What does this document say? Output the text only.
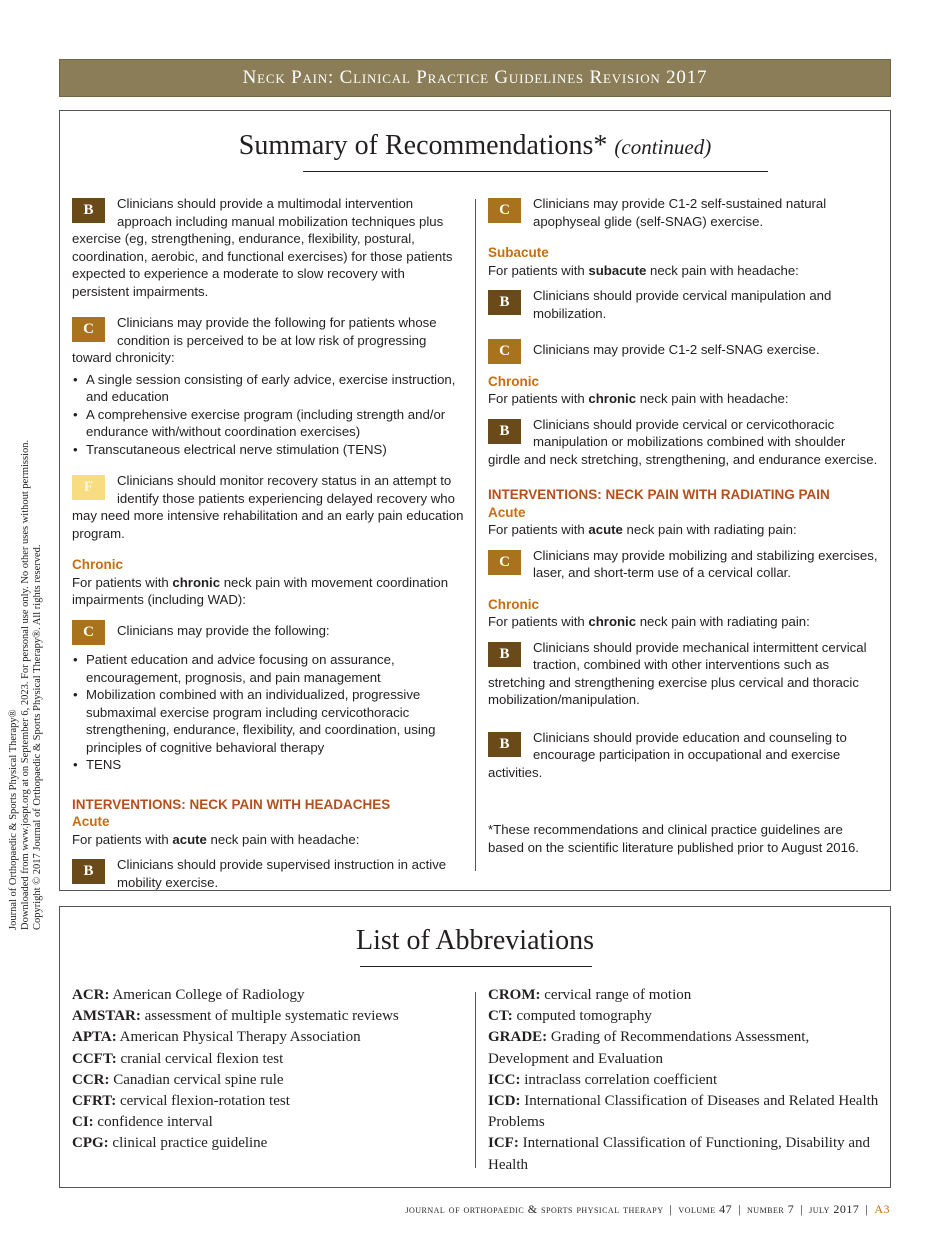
Neck Pain: Clinical Practice Guidelines Revision 2017
Journal of Orthopaedic & Sports Physical Therapy® Downloaded from www.jospt.org at on September 6, 2023. For personal use only. No other uses without permission. Copyright © 2017 Journal of Orthopaedic & Sports Physical Therapy®. All rights reserved.
Summary of Recommendations* (continued)
B	Clinicians should provide a multimodal intervention approach including manual mobilization techniques plus exercise (eg, strengthening, endurance, flexibility, postural, coordination, aerobic, and functional exercises) for those patients expected to experience a moderate to slow recovery with persistent impairments.
C	Clinicians may provide the following for patients whose condition is perceived to be at low risk of progressing toward chronicity:
• A single session consisting of early advice, exercise instruction, and education
• A comprehensive exercise program (including strength and/or endurance with/without coordination exercises)
• Transcutaneous electrical nerve stimulation (TENS)
F	Clinicians should monitor recovery status in an attempt to identify those patients experiencing delayed recovery who may need more intensive rehabilitation and an early pain education program.
Chronic
For patients with chronic neck pain with movement coordination impairments (including WAD):
C	Clinicians may provide the following:
• Patient education and advice focusing on assurance, encouragement, prognosis, and pain management
• Mobilization combined with an individualized, progressive submaximal exercise program including cervicothoracic strengthening, endurance, flexibility, and coordination, using principles of cognitive behavioral therapy
• TENS
INTERVENTIONS: NECK PAIN WITH HEADACHES
Acute
For patients with acute neck pain with headache:
B	Clinicians should provide supervised instruction in active mobility exercise.
C	Clinicians may provide C1-2 self-sustained natural apophyseal glide (self-SNAG) exercise.
Subacute
For patients with subacute neck pain with headache:
B	Clinicians should provide cervical manipulation and mobilization.
C	Clinicians may provide C1-2 self-SNAG exercise.
Chronic
For patients with chronic neck pain with headache:
B	Clinicians should provide cervical or cervicothoracic manipulation or mobilizations combined with shoulder girdle and neck stretching, strengthening, and endurance exercise.
INTERVENTIONS: NECK PAIN WITH RADIATING PAIN
Acute
For patients with acute neck pain with radiating pain:
C	Clinicians may provide mobilizing and stabilizing exercises, laser, and short-term use of a cervical collar.
Chronic
For patients with chronic neck pain with radiating pain:
B	Clinicians should provide mechanical intermittent cervical traction, combined with other interventions such as stretching and strengthening exercise plus cervical and thoracic mobilization/manipulation.
B	Clinicians should provide education and counseling to encourage participation in occupational and exercise activities.
*These recommendations and clinical practice guidelines are based on the scientific literature published prior to August 2016.
List of Abbreviations
ACR: American College of Radiology
AMSTAR: assessment of multiple systematic reviews
APTA: American Physical Therapy Association
CCFT: cranial cervical flexion test
CCR: Canadian cervical spine rule
CFRT: cervical flexion-rotation test
CI: confidence interval
CPG: clinical practice guideline
CROM: cervical range of motion
CT: computed tomography
GRADE: Grading of Recommendations Assessment, Development and Evaluation
ICC: intraclass correlation coefficient
ICD: International Classification of Diseases and Related Health Problems
ICF: International Classification of Functioning, Disability and Health
journal of orthopaedic & sports physical therapy | volume 47 | number 7 | july 2017 | A3
